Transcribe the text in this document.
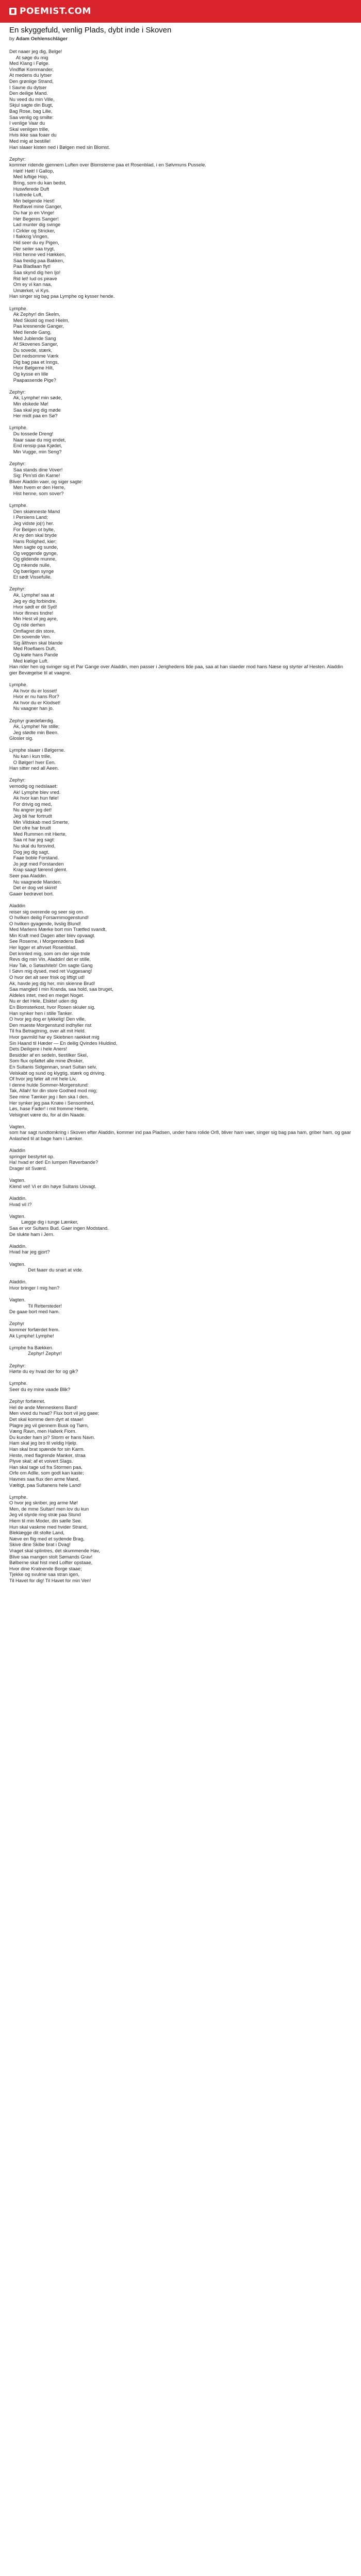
POEMIST.COM
En skyggefuld, venlig Plads, dybt inde i Skoven
by Adam Oehlenschläger

Det naaer jeg dig, Belge!
At søge du mig
Med Klang i Følge.
Vindfløi Kommander,
At medens du lytser
Den grønlige Strand,
I Savne du dytser
Den deilige Mand.
Nu veed du min Ville,
Skjul sagte din Bugt,
Bag Rose, bag Lilie,
Saa venlig og smilte:
I venlige Vaar du
Skal venligen trille,
Hvis ikke saa foaer du
Med mig at bestille!
Han slaaer kisten ned i Bølgen med sin Blomst.

Zephyr:
kommer ridende gjennem Luften over Blomsterne paa et Rosenblad, i en Sølvmuns Pussele.
Høit! Høit! I Gallop,
Med luftige Hop,
Bring, som du kan bedst,
Huswferede Duft
I luttrede Luft,
Min belgende Hest!
Redfavel mine Ganger,
Du har jo en Vinge!
Hør Begeres Sanger!
Lad munter dig svinge
I Cirkler og Stricker,
I flakkrig Vingen,
Hid seer du ey Pigen,
Der seiler saa trygt,
Hist henne ved Hækken,
Saa freidig paa Bakken,
Paa Bladlaan flyt!
Saa skynd dig hen Ijo!
Rid let! Iud os pirave
Om ey vi kan naa,
Umærket, vi Kys.
Han singer sig bag paa Lymphe og kysser hende.

Lymphe.
Ak Zephyr! din Skelm,
Med Skiold og med Hielm,
Paa kresnende Ganger,
Med Ilende Gang,
Med Jublende Sang
Af Skovenes Sanger,
Du sovede, stærk,
Det nedsomme Værk
Dig bag paa et Inngs,
Hvor Bølgerne Hilt,
Og kysse en lille
Paapassende Pige?

Zephyr:
Ak, Lymphe! min søde,
Min elskede Mø!
Saa skal jeg dig møde
Her midt paa en Sø?

Lymphe.
Du tossede Dreng!
Naar saae du mig endet,
End rensip paa Kjødet,
Min Vugge, min Seng?

Zephyr:
Saa stands dine Vover!
Sig: Pim'sti din Karne!
Bliver Aladdin vaer, og siger sagte:
Men hvem er den Herre,
Hist henne, som sover?

Lymphe.
Den skiønneste Mand
I Persiens Land;
Jeg vidste jo(r) her.
For Belgen ot bylte,
At ey den skal bryde
Hans Rolighed, kier;
Men sagte og sunde,
Og veggende gynge,
Og glidende munne,
Og mkende nulle,
Og bærligen synge
Et sødt Vissefulle.

Zephyr:
Ak, Lymphe! saa at
Jeg ey dig forbindre.
Hvor sødt er dit Syd!
Hvor ifinnes tindre!
Min Hest vil jeg ayre,
Og ride derhen
Omflagret din store,
Din sovende Ven.
Sig ålthven skal blande
Med Roeflaers Duft,
Og kiøle hans Pande
Med kiølige Luft.
Han rider hen og svinger sig et Par Gange over Aladdin, men passer i Jerighedens Ilde paa, saa at han slaeder mod hans Næse og styrter af Hesten. Aladdin gier Bevægelse til at vaagne.

Lymphe.
Ak hvor du er losset!
Hvor er nu hans Ror?
Ak hvor du er Klodset!
Nu vaagner han jo.

Zephyr grædefærdig.
Ak, Lymphe! Ne stille;
Jeg stødte min Been.
Glosler sig.

Lymphe slaaer i Bølgerne.
Nu kan i kun trille,
O Bølger! hver Een.
Han sitter ned all Aeen.

Zephyr:
vemodig og nedslaaet:
Ak! Lymphe blev vred.
Ak hvor kan hun føle!
For drivig og med,
Nu angrer jeg det!
Jeg bli har fortrudt
Min Vildskab med Smerte,
Det ofre har brudt
Med Rummen mit Hierte,
Saa nt har jeg sagt:
Nu skal du forsvind,
Dog jeg dig sagt,
Faae boble Forstand.
Jo jegt med Forstanden
Krap saagt færend glemt.
Seer paa Aladdin.
Nu vaagnede Manden.
Det er dog vel skimt!
Gaaer bedrøvet bort.

Aladdin
reiser sig overende og seer sig om.
O hvilken deilig Forsarmmogenstund!
O hvilken gyagende, livslig Blund!
Med Marlens Mærke bort min Trætfed svandt,
Min Kraft med Dagen atter blev opvaagt.
See Roserne, i Morgenrødens Badi
Her ligger et afrvset Rosenblad.
Det krinled mig, som om der sige tnde
Revs dig min Vin, Aladdin! det er stille,
Hav Tak, o Søtashiteb! Om sagte Gang
I Søvn mig dysed, med ret Vuggesang!
O hvor det alt seer frisk og liftigt ud!
Ak, havde jeg dig her, min skienne Brud!
Saa mangled i min Kranda, saa hold, saa bruget,
Aldeles intet, med en meget Noget.
Nu er det Hele, Elskte! uden dig
En Blomsterkost, hvor Rosen skiuler sig.
Han synker hen i stille Tanker.
O hvor jeg dog er lykkelig! Den ville,
Den mueste Morgenstund indhyller rist
Til fra Betragtning, over alt mit Held.
Hvor gavmild har ey Skiebnen raekket mig
Sin Haand til Hæder — En deilig Qvindes Hiuldind,
Dets Deiligere i hele Aners!
Besidder af en sedeln, tiestilker Skel,
Som flux opfattet alle mine Ønsker,
En Sultanis Sidgennan, snart Sultan selv,
Velskabt og sund og klygtig, stærk og driving.
Of hvor jeg føler alt mit hele Liv,
I denne hulde Sommer-Morgenstund:
Tak, Allah! for din store Godhed mod mig;
See mine Tænker jeg i Ilen ska I den.
Her synker jeg paa Knæe i Sensomhed,
Løs, hase Fader! i mit fromme Hierte,
Velsignet være du, for al din Naade.

Vagten,
som har sagt rundtomkring i Skoven efter Aladdin, kommer ind paa Pladsen, under hans rolide Or8, bliver ham vaer, singer sig bag paa ham, griber ham, og gaar Anlashed til at bage ham i Lænker.

Aladdin
springer bestyrtet op.
Ha! hvad er det! En lumpen Røverbande?
Drager sit Sværd.

Vagten.
Klend vel! Vi er din høye Sultans Uovagt.

Aladdin.
Hvad vil I?

Vagten.
Lægge dig i tunge Lænker,
Saa er vor Sultans Bud. Gaer ingen Modstand.
De slukte ham i Jern.

Aladdin.
Hvad har jeg gjort?

Vagten.
Det faaer du snart at vide.

Aladdin.
Hvor bringer I mig hen?

Vagten.
Til Rettersteder!
De gaae bort med ham.

Zephyr
kommer forfærdet frem.
Ak Lymphe! Lymphe!

Lymphe fra Bækken.
Zephyr! Zephyr!

Zephyr:
Hørte du ey hvad der for og gik?

Lymphe.
Seer du ey mine vaade Blik?

Zephyr forfærret.
Hel de ande Menneskens Band!
Men vived du hvad? Flux bort vil jeg gaee;
Det skal komme dem dyrt at staae!
Plagre jeg vil giennem Busk og Tiørn,
Væng Ravn, men Hallerk Fiorn.
Du kunder ham jo? Storm er hans Navn.
Ham skal jeg bro til veldig Hjelp.
Han skal brat spænde for sin Karm.
Heste, med flagrende Manker, straa
Plyve skal; af et voivert Slags.
Han skal tage ud fra Stormen paa,
Orfe om Adlle, som godt kan kaste;
Havnes saa flux den arme Mand,
Væltigt, paa Sultanens hele Land!

Lymphe.
O hvor jeg skriber, jeg arme Mø!
Men, de mme Sultan! men lov du kun
Jeg vil styrde ring stræ paa Stund
Hiem til min Moder, din sælle See.
Hun skal vaskme med hvider Strand,
Bleklægge dit stolte Land,
Næve en flig med et sydende Brag,
Skive dine Skibe brat i Dvag!
Vraget skal splintres, det skummende Hav,
Blive saa mangen stolt Sømands Grav!
Bølberne skal hist med Lolfter opstaae,
Hvor dine Kratnende Borge staae;
Tjekke og svulme saa stran igen,
Til Havet for dig! Til Havet for min Ven!
